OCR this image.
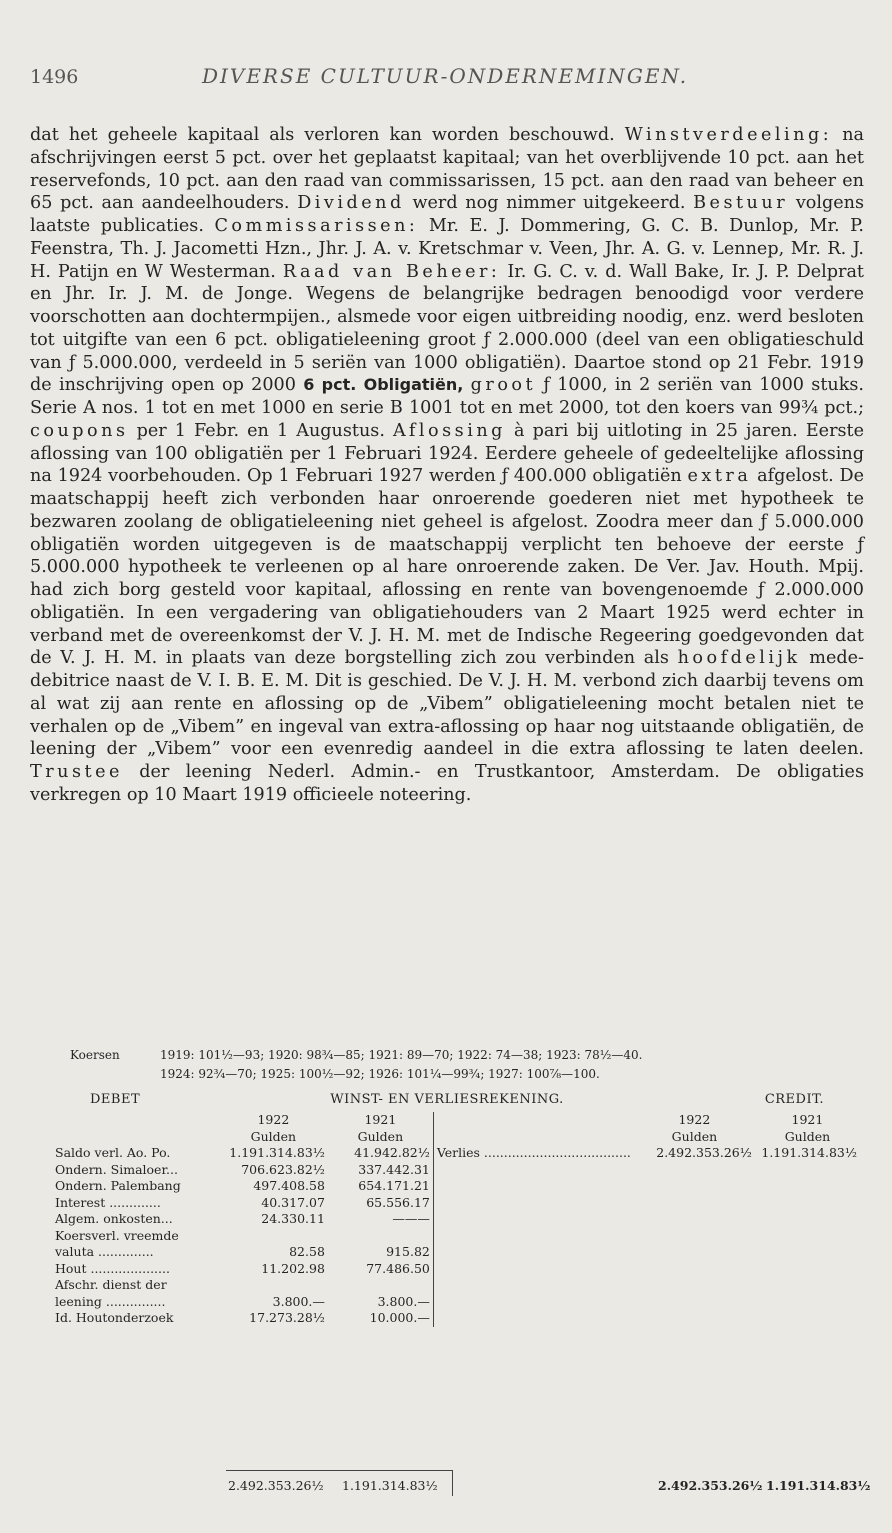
1496	DIVERSE CULTUUR-ONDERNEMINGEN.

dat het geheele kapitaal als verloren kan worden beschouwd. Winstverdeeling: na afschrijvingen eerst 5 pct. over het geplaatst kapitaal; van het overblijvende 10 pct. aan het reservefonds, 10 pct. aan den raad van commissarissen, 15 pct. aan den raad van beheer en 65 pct. aan aandeelhouders. Dividend werd nog nimmer uitgekeerd. Bestuur volgens laatste publicaties. Commissarissen: Mr. E. J. Dommering, G. C. B. Dunlop, Mr. P. Feenstra, Th. J. Jacometti Hzn., Jhr. J. A. v. Kretschmar v. Veen, Jhr. A. G. v. Lennep, Mr. R. J. H. Patijn en W Westerman. Raad van Beheer: Ir. G. C. v. d. Wall Bake, Ir. J. P. Delprat en Jhr. Ir. J. M. de Jonge. Wegens de belangrijke bedragen benoodigd voor verdere voorschotten aan dochtermpijen., alsmede voor eigen uitbreiding noodig, enz. werd besloten tot uitgifte van een 6 pct. obligatieleening groot ƒ 2.000.000 (deel van een obligatieschuld van ƒ 5.000.000, verdeeld in 5 seriën van 1000 obligatiën). Daartoe stond op 21 Febr. 1919 de inschrijving open op 2000 6 pct. Obligatiën, groot ƒ 1000, in 2 seriën van 1000 stuks. Serie A nos. 1 tot en met 1000 en serie B 1001 tot en met 2000, tot den koers van 99¾ pct.; coupons per 1 Febr. en 1 Augustus. Aflossing à pari bij uitloting in 25 jaren. Eerste aflossing van 100 obligatiën per 1 Februari 1924. Eerdere geheele of gedeeltelijke aflossing na 1924 voorbehouden. Op 1 Februari 1927 werden ƒ 400.000 obligatiën extra afgelost. De maatschappij heeft zich verbonden haar onroerende goederen niet met hypotheek te bezwaren zoolang de obligatieleening niet geheel is afgelost. Zoodra meer dan ƒ 5.000.000 obligatiën worden uitgegeven is de maatschappij verplicht ten behoeve der eerste ƒ 5.000.000 hypotheek te verleenen op al hare onroerende zaken. De Ver. Jav. Houth. Mpij. had zich borg gesteld voor kapitaal, aflossing en rente van bovengenoemde ƒ 2.000.000 obligatiën. In een vergadering van obligatiehouders van 2 Maart 1925 werd echter in verband met de overeenkomst der V. J. H. M. met de Indische Regeering goedgevonden dat de V. J. H. M. in plaats van deze borgstelling zich zou verbinden als hoofdelijk mede-debitrice naast de V. I. B. E. M. Dit is geschied. De V. J. H. M. verbond zich daarbij tevens om al wat zij aan rente en aflossing op de „Vibem” obligatieleening mocht betalen niet te verhalen op de „Vibem” en ingeval van extra-aflossing op haar nog uitstaande obligatiën, de leening der „Vibem” voor een evenredig aandeel in die extra aflossing te laten deelen. Trustee der leening Nederl. Admin.- en Trustkantoor, Amsterdam. De obligaties verkregen op 10 Maart 1919 officieele noteering.

Koersen	1919: 101½—93; 1920: 98¾—85; 1921: 89—70; 1922: 74—38; 1923: 78½—40.
1924: 92¾—70; 1925: 100½—92; 1926: 101¼—99¾; 1927: 100⅞—100.
DEBET	WINST- EN VERLIESREKENING.	CREDIT.
	1922	1921		1922	1921
	Gulden	Gulden		Gulden	Gulden
Saldo verl. Ao. Po.	1.191.314.83½	41.942.82½	Verlies .....................................	2.492.353.26½	1.191.314.83½
Ondern. Simaloer...	706.623.82½	337.442.31			
Ondern. Palembang	497.408.58	654.171.21			
Interest .............	40.317.07	65.556.17			
Algem. onkosten...	24.330.11	———			
Koersverl. vreemde					
valuta ..............	82.58	915.82			
Hout ....................	11.202.98	77.486.50			
Afschr. dienst der					
leening ...............	3.800.—	3.800.—			
Id. Houtonderzoek	17.273.28½	10.000.—			
2.492.353.26½ 1.191.314.83½	2.492.353.26½ 1.191.314.83½
